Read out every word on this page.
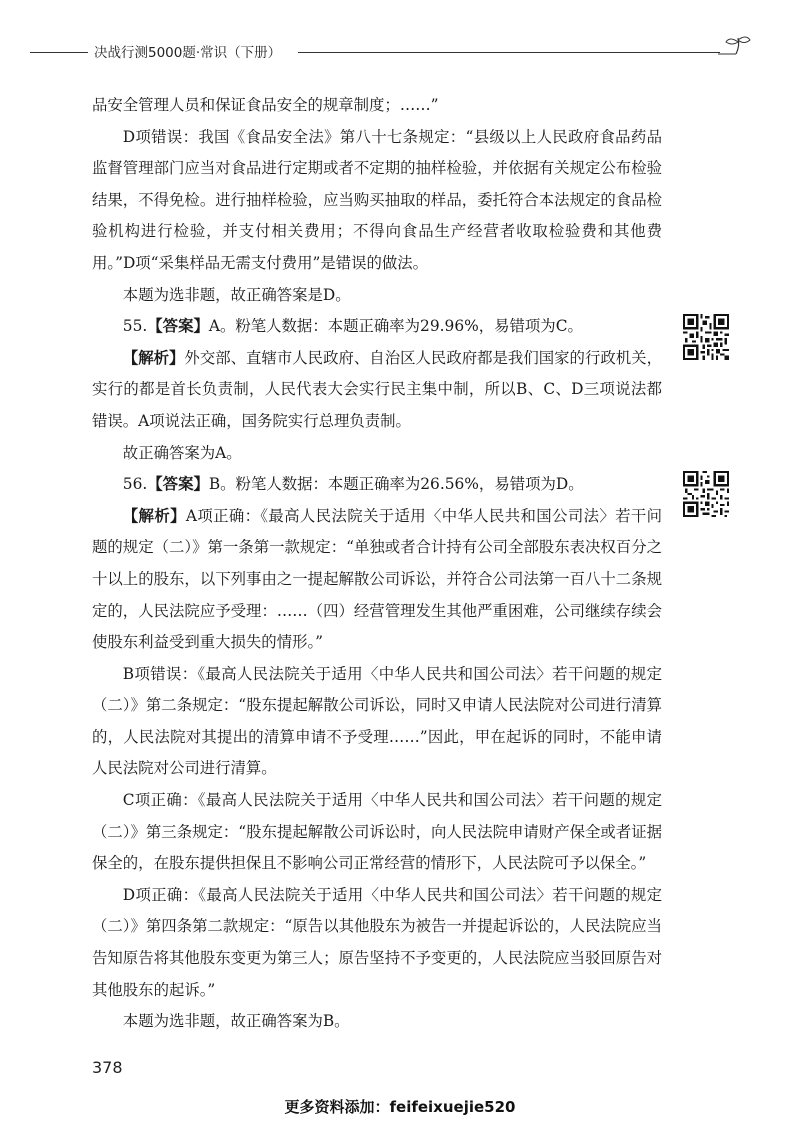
决战行测5000题·常识（下册）

品安全管理人员和保证食品安全的规章制度；……”

D项错误：我国《食品安全法》第八十七条规定：“县级以上人民政府食品药品监督管理部门应当对食品进行定期或者不定期的抽样检验，并依据有关规定公布检验结果，不得免检。进行抽样检验，应当购买抽取的样品，委托符合本法规定的食品检验机构进行检验，并支付相关费用；不得向食品生产经营者收取检验费和其他费用。”D项“采集样品无需支付费用”是错误的做法。

本题为选非题，故正确答案是D。

55.【答案】A。粉笔人数据：本题正确率为29.96%，易错项为C。

【解析】外交部、直辖市人民政府、自治区人民政府都是我们国家的行政机关，实行的都是首长负责制，人民代表大会实行民主集中制，所以B、C、D三项说法都错误。A项说法正确，国务院实行总理负责制。

故正确答案为A。

56.【答案】B。粉笔人数据：本题正确率为26.56%，易错项为D。

【解析】A项正确：《最高人民法院关于适用〈中华人民共和国公司法〉若干问题的规定（二）》第一条第一款规定：“单独或者合计持有公司全部股东表决权百分之十以上的股东，以下列事由之一提起解散公司诉讼，并符合公司法第一百八十二条规定的，人民法院应予受理：……（四）经营管理发生其他严重困难，公司继续存续会使股东利益受到重大损失的情形。”

B项错误：《最高人民法院关于适用〈中华人民共和国公司法〉若干问题的规定（二）》第二条规定：“股东提起解散公司诉讼，同时又申请人民法院对公司进行清算的，人民法院对其提出的清算申请不予受理……”因此，甲在起诉的同时，不能申请人民法院对公司进行清算。

C项正确：《最高人民法院关于适用〈中华人民共和国公司法〉若干问题的规定（二）》第三条规定：“股东提起解散公司诉讼时，向人民法院申请财产保全或者证据保全的，在股东提供担保且不影响公司正常经营的情形下，人民法院可予以保全。”

D项正确：《最高人民法院关于适用〈中华人民共和国公司法〉若干问题的规定（二）》第四条第二款规定：“原告以其他股东为被告一并提起诉讼的，人民法院应当告知原告将其他股东变更为第三人；原告坚持不予变更的，人民法院应当驳回原告对其他股东的起诉。”

本题为选非题，故正确答案为B。

378
更多资料添加：feifeixuejie520
